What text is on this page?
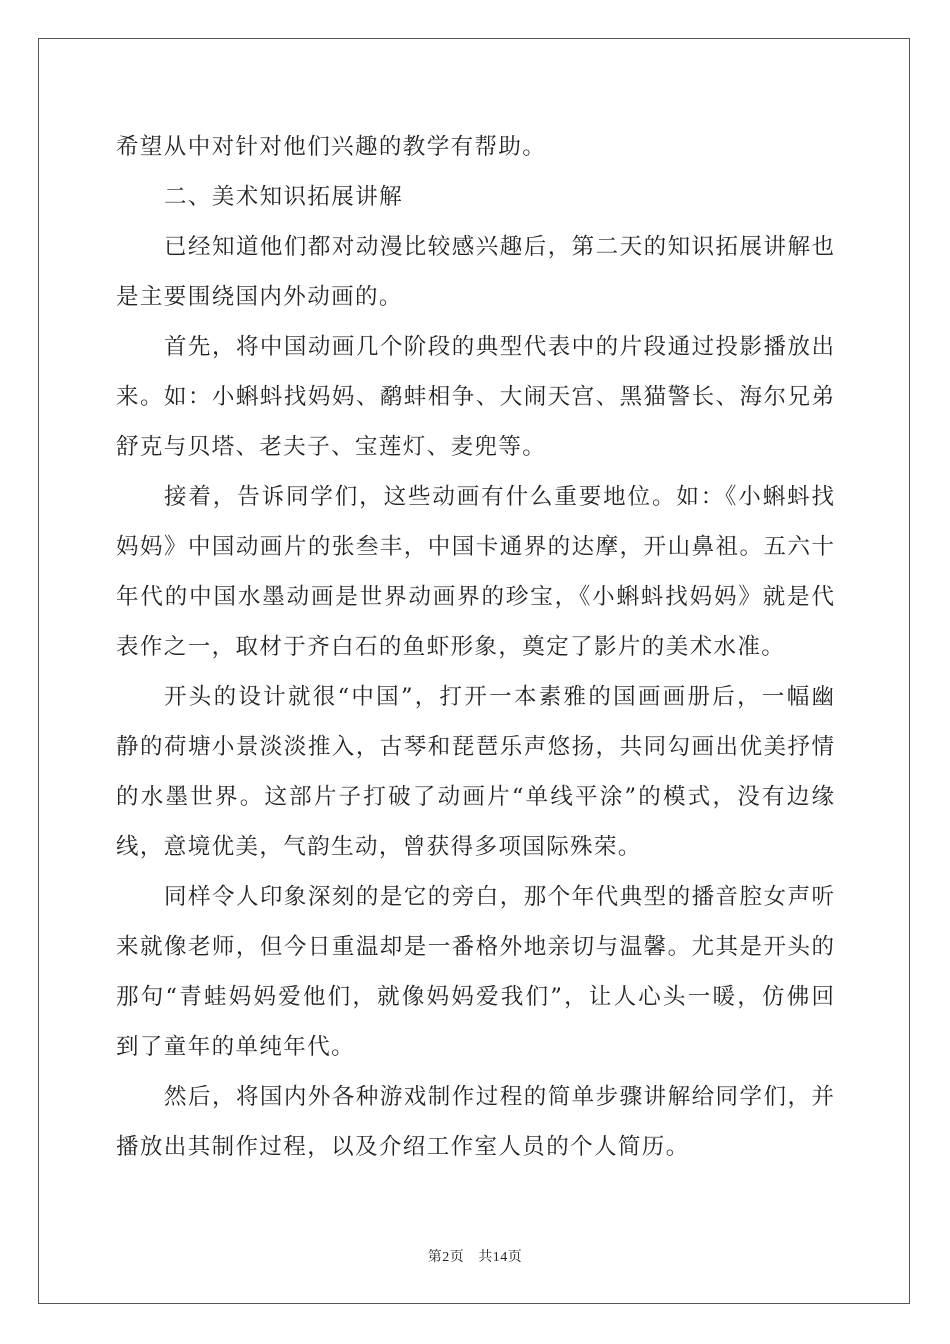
希望从中对针对他们兴趣的教学有帮助。
二、美术知识拓展讲解
已经知道他们都对动漫比较感兴趣后，第二天的知识拓展讲解也
是主要围绕国内外动画的。
首先，将中国动画几个阶段的典型代表中的片段通过投影播放出
来。如：小蝌蚪找妈妈、鹬蚌相争、大闹天宫、黑猫警长、海尔兄弟
舒克与贝塔、老夫子、宝莲灯、麦兜等。
接着，告诉同学们，这些动画有什么重要地位。如：《小蝌蚪找
妈妈》中国动画片的张叁丰，中国卡通界的达摩，开山鼻祖。五六十
年代的中国水墨动画是世界动画界的珍宝，《小蝌蚪找妈妈》就是代
表作之一，取材于齐白石的鱼虾形象，奠定了影片的美术水准。
开头的设计就很“中国”，打开一本素雅的国画画册后，一幅幽
静的荷塘小景淡淡推入，古琴和琵琶乐声悠扬，共同勾画出优美抒情
的水墨世界。这部片子打破了动画片“单线平涂”的模式，没有边缘
线，意境优美，气韵生动，曾获得多项国际殊荣。
同样令人印象深刻的是它的旁白，那个年代典型的播音腔女声听
来就像老师，但今日重温却是一番格外地亲切与温馨。尤其是开头的
那句“青蛙妈妈爱他们，就像妈妈爱我们”，让人心头一暖，仿佛回
到了童年的单纯年代。
然后，将国内外各种游戏制作过程的简单步骤讲解给同学们，并
播放出其制作过程，以及介绍工作室人员的个人简历。
第2页 共14页
